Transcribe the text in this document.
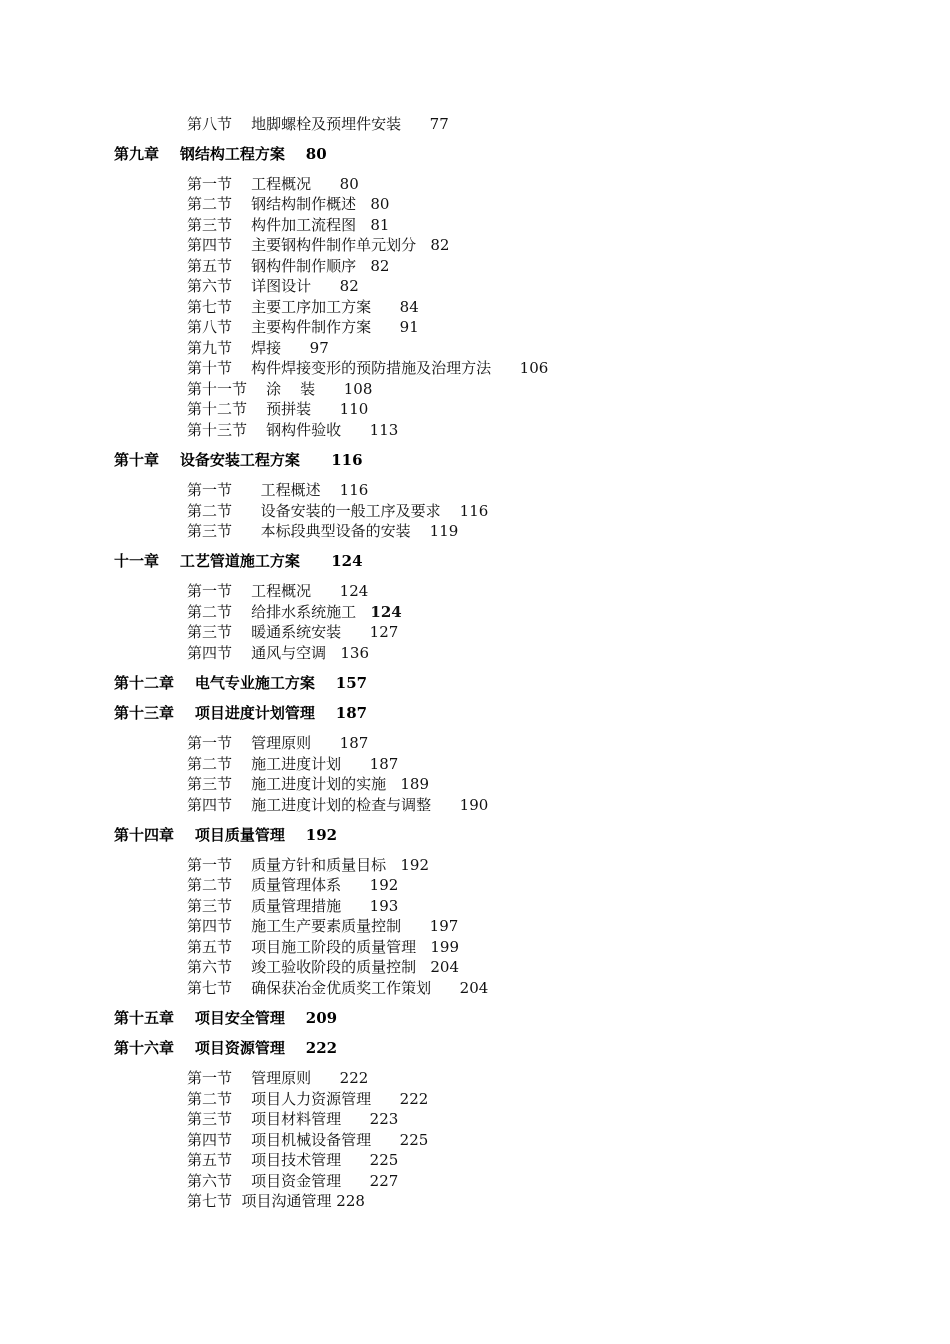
第八节    地脚螺栓及预埋件安装      77
第九章    钢结构工程方案    80
第一节    工程概况      80
第二节    钢结构制作概述   80
第三节    构件加工流程图   81
第四节    主要钢构件制作单元划分   82
第五节    钢构件制作顺序   82
第六节    详图设计      82
第七节    主要工序加工方案      84
第八节    主要构件制作方案      91
第九节    焊接      97
第十节    构件焊接变形的预防措施及治理方法      106
第十一节    涂    装      108
第十二节    预拼装      110
第十三节    钢构件验收      113
第十章    设备安装工程方案      116
第一节      工程概述    116
第二节      设备安装的一般工序及要求    116
第三节      本标段典型设备的安装    119
十一章    工艺管道施工方案      124
第一节    工程概况      124
第二节    给排水系统施工   124
第三节    暖通系统安装      127
第四节    通风与空调   136
第十二章    电气专业施工方案    157
第十三章    项目进度计划管理    187
第一节    管理原则      187
第二节    施工进度计划      187
第三节    施工进度计划的实施   189
第四节    施工进度计划的检查与调整      190
第十四章    项目质量管理    192
第一节    质量方针和质量目标   192
第二节    质量管理体系      192
第三节    质量管理措施      193
第四节    施工生产要素质量控制      197
第五节    项目施工阶段的质量管理   199
第六节    竣工验收阶段的质量控制   204
第七节    确保获冶金优质奖工作策划      204
第十五章    项目安全管理    209
第十六章    项目资源管理    222
第一节    管理原则      222
第二节    项目人力资源管理      222
第三节    项目材料管理      223
第四节    项目机械设备管理      225
第五节    项目技术管理      225
第六节    项目资金管理      227
第七节  项目沟通管理 228
